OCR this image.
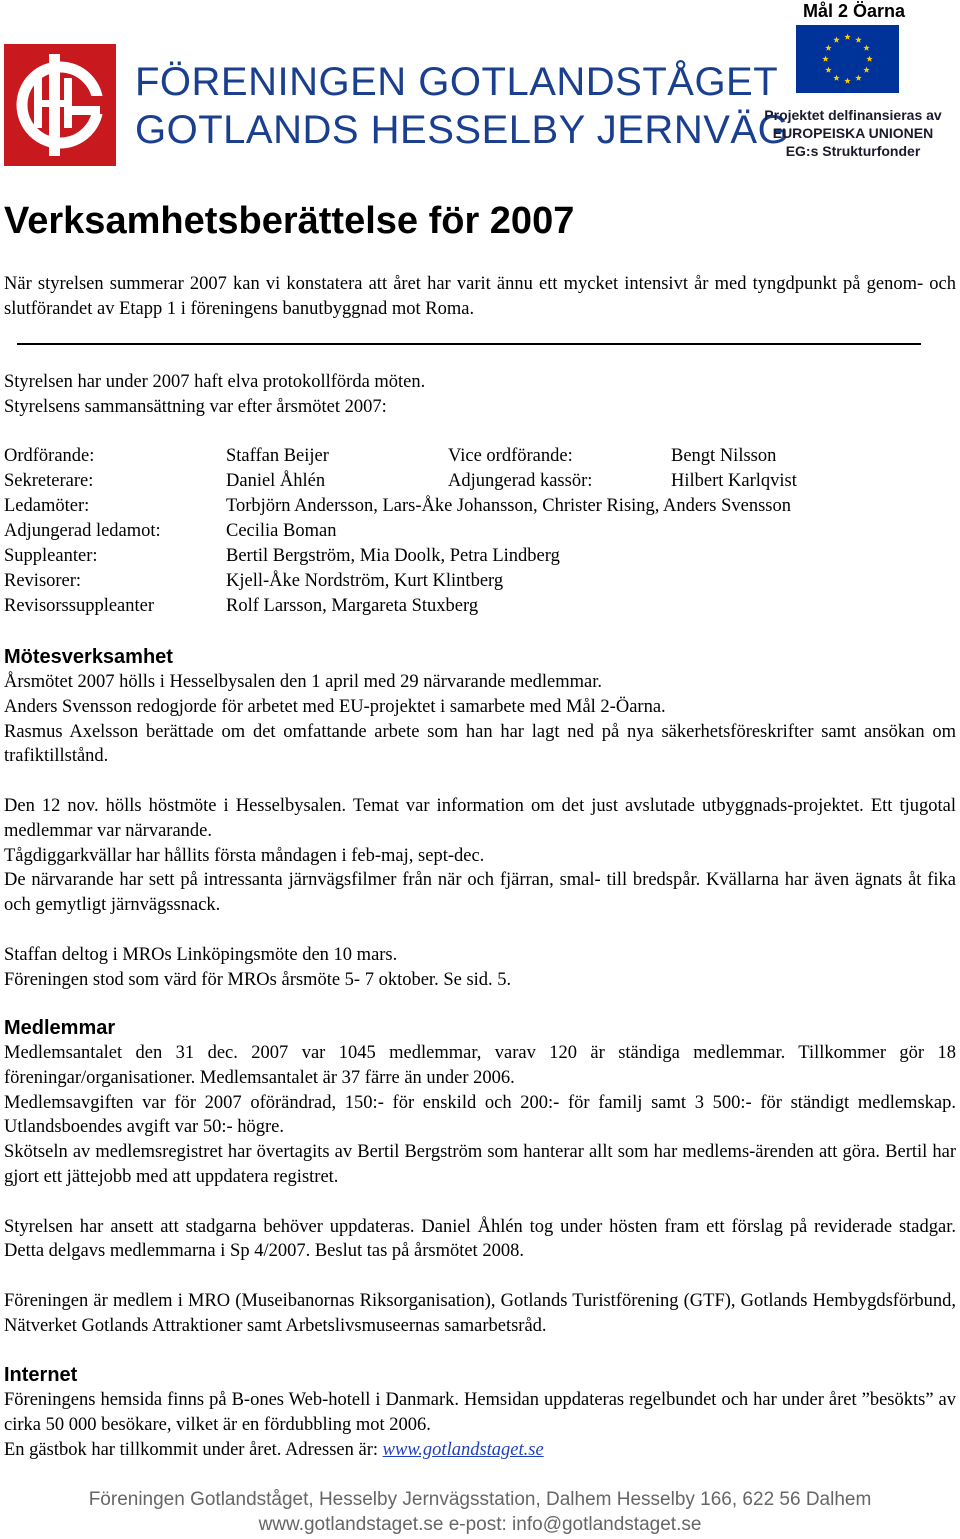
FÖRENINGEN GOTLANDSTÅGET
GOTLANDS HESSELBY JERNVÄG
Mål 2 Öarna
Projektet delfinansieras av
EUROPEISKA UNIONEN
EG:s Strukturfonder
Verksamhetsberättelse för 2007

När styrelsen summerar 2007 kan vi konstatera att året har varit ännu ett mycket intensivt år med tyngdpunkt på genom- och slutförandet av Etapp 1 i föreningens banutbyggnad mot Roma.

Styrelsen har under 2007 haft elva protokollförda möten.

Styrelsens sammansättning var efter årsmötet 2007:

Ordförande:	Staffan Beijer	Vice ordförande:	Bengt Nilsson
Sekreterare:	Daniel Åhlén	Adjungerad kassör:	Hilbert Karlqvist
Ledamöter:	Torbjörn Andersson, Lars-Åke Johansson, Christer Rising, Anders Svensson
Adjungerad ledamot:	Cecilia Boman
Suppleanter:	Bertil Bergström, Mia Doolk, Petra Lindberg
Revisorer:	Kjell-Åke Nordström, Kurt Klintberg
Revisorssuppleanter	Rolf Larsson, Margareta Stuxberg
Mötesverksamhet

Årsmötet 2007 hölls i Hesselbysalen den 1 april med 29 närvarande medlemmar.

Anders Svensson redogjorde för arbetet med EU-projektet i samarbete med Mål 2-Öarna.

Rasmus Axelsson berättade om det omfattande arbete som han har lagt ned på nya säkerhetsföreskrifter samt ansökan om trafiktillstånd.

Den 12 nov. hölls höstmöte i Hesselbysalen. Temat var information om det just avslutade utbyggnads-projektet. Ett tjugotal medlemmar var närvarande.

Tågdiggarkvällar har hållits första måndagen i feb-maj, sept-dec.

De närvarande har sett på intressanta järnvägsfilmer från när och fjärran, smal- till bredspår. Kvällarna har även ägnats åt fika och gemytligt järnvägssnack.

Staffan deltog i MROs Linköpingsmöte den 10 mars.

Föreningen stod som värd för MROs årsmöte 5- 7 oktober. Se sid. 5.

Medlemmar

Medlemsantalet den 31 dec. 2007 var 1045 medlemmar, varav 120 är ständiga medlemmar. Tillkommer gör 18 föreningar/organisationer. Medlemsantalet är 37 färre än under 2006.

Medlemsavgiften var för 2007 oförändrad, 150:- för enskild och 200:- för familj samt 3 500:- för ständigt medlemskap. Utlandsboendes avgift var 50:- högre.

Skötseln av medlemsregistret har övertagits av Bertil Bergström som hanterar allt som har medlems-ärenden att göra. Bertil har gjort ett jättejobb med att uppdatera registret.

Styrelsen har ansett att stadgarna behöver uppdateras. Daniel Åhlén tog under hösten fram ett förslag på reviderade stadgar. Detta delgavs medlemmarna i Sp 4/2007. Beslut tas på årsmötet 2008.

Föreningen är medlem i MRO (Museibanornas Riksorganisation), Gotlands Turistförening (GTF), Gotlands Hembygdsförbund, Nätverket Gotlands Attraktioner samt Arbetslivsmuseernas samarbetsråd.

Internet

Föreningens hemsida finns på B-ones Web-hotell i Danmark. Hemsidan uppdateras regelbundet och har under året ”besökts” av cirka 50 000 besökare, vilket är en fördubbling mot 2006.

En gästbok har tillkommit under året. Adressen är: www.gotlandstaget.se

Föreningen Gotlandståget, Hesselby Jernvägsstation, Dalhem Hesselby 166, 622 56 Dalhem
www.gotlandstaget.se e-post: info@gotlandstaget.se
